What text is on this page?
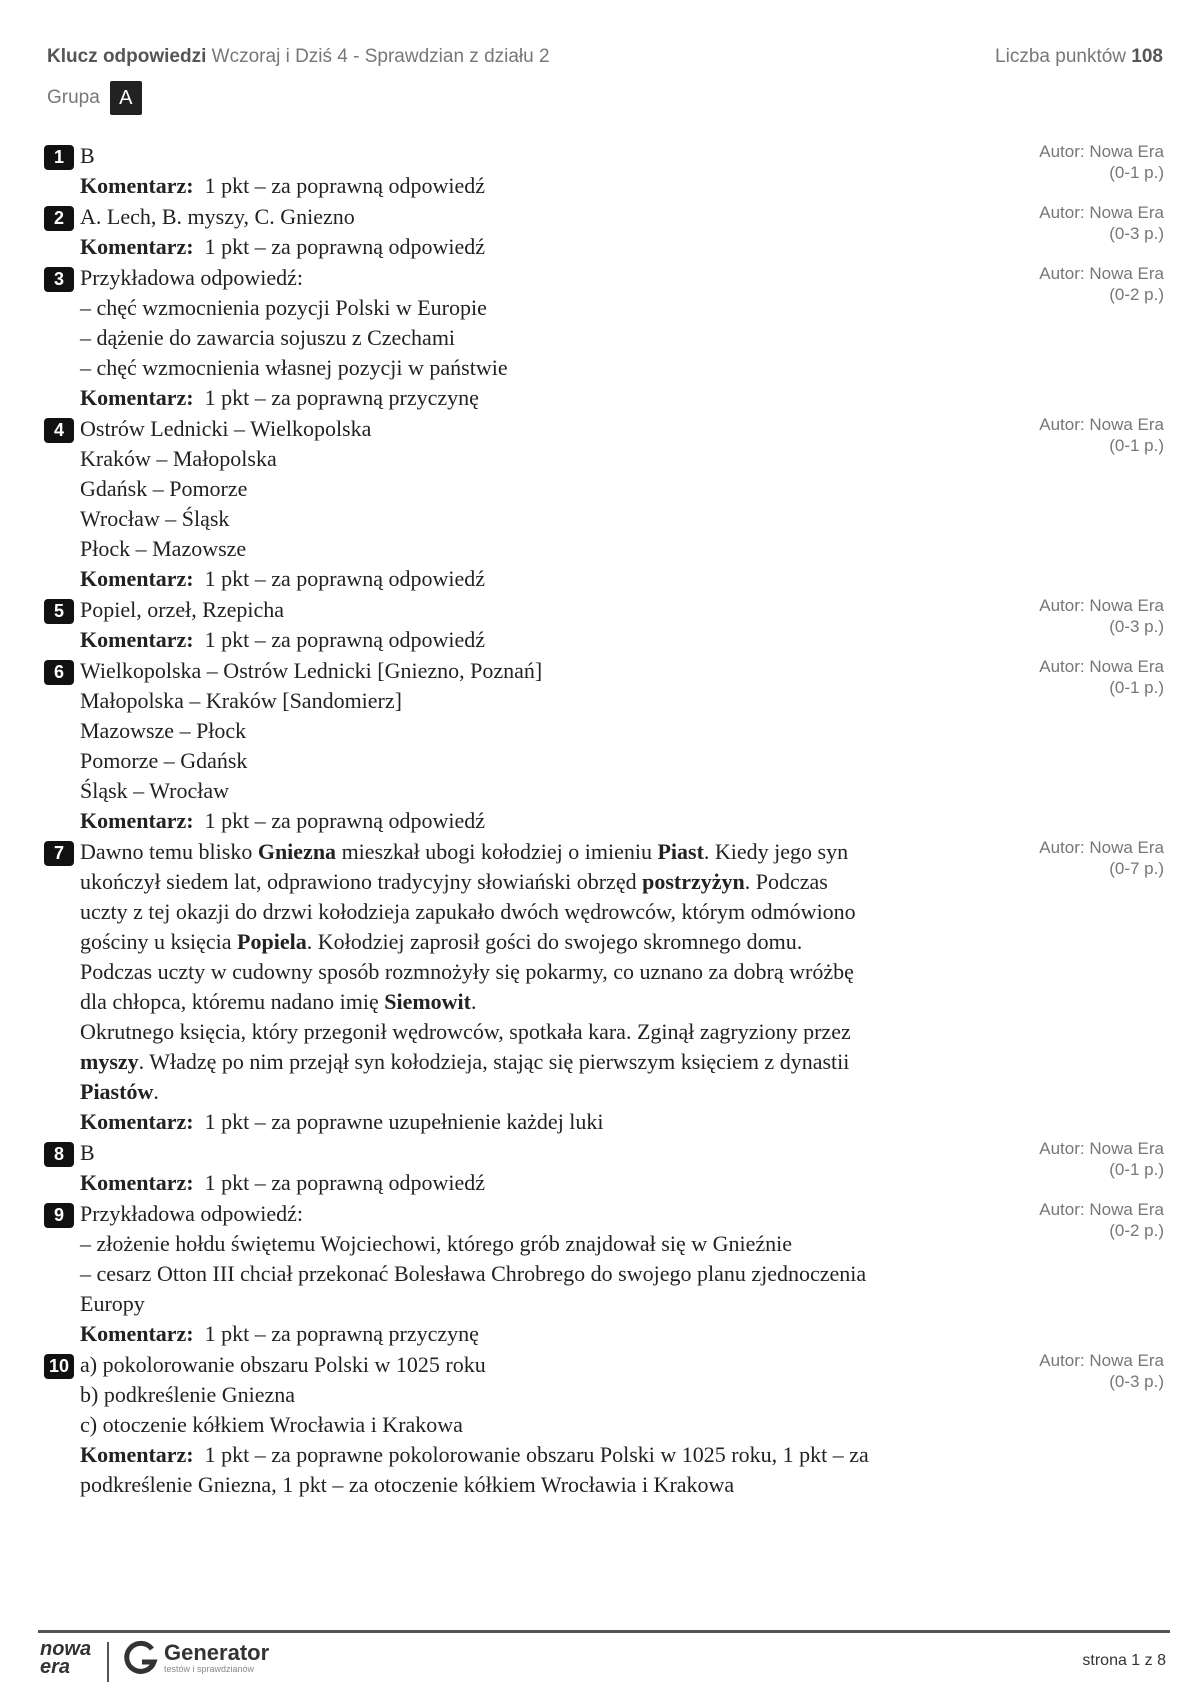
Klucz odpowiedzi Wczoraj i Dziś 4 - Sprawdzian z działu 2	Liczba punktów 108
Grupa A
1 B
Komentarz: 1 pkt – za poprawną odpowiedź
Autor: Nowa Era
(0-1 p.)
2 A. Lech, B. myszy, C. Gniezno
Komentarz: 1 pkt – za poprawną odpowiedź
Autor: Nowa Era
(0-3 p.)
3 Przykładowa odpowiedź:
– chęć wzmocnienia pozycji Polski w Europie
– dążenie do zawarcia sojuszu z Czechami
– chęć wzmocnienia własnej pozycji w państwie
Komentarz: 1 pkt – za poprawną przyczynę
Autor: Nowa Era
(0-2 p.)
4 Ostrów Lednicki – Wielkopolska
Kraków – Małopolska
Gdańsk – Pomorze
Wrocław – Śląsk
Płock – Mazowsze
Komentarz: 1 pkt – za poprawną odpowiedź
Autor: Nowa Era
(0-1 p.)
5 Popiel, orzeł, Rzepicha
Komentarz: 1 pkt – za poprawną odpowiedź
Autor: Nowa Era
(0-3 p.)
6 Wielkopolska – Ostrów Lednicki [Gniezno, Poznań]
Małopolska – Kraków [Sandomierz]
Mazowsze – Płock
Pomorze – Gdańsk
Śląsk – Wrocław
Komentarz: 1 pkt – za poprawną odpowiedź
Autor: Nowa Era
(0-1 p.)
7 Dawno temu blisko Gniezna mieszkał ubogi kołodziej o imieniu Piast. Kiedy jego syn
ukończył siedem lat, odprawiono tradycyjny słowiański obrzęd postrzyżyn. Podczas
uczty z tej okazji do drzwi kołodzieja zapukało dwóch wędrowców, którym odmówiono
gościny u księcia Popiela. Kołodziej zaprosił gości do swojego skromnego domu.
Podczas uczty w cudowny sposób rozmnożyły się pokarmy, co uznano za dobrą wróżbę
dla chłopca, któremu nadano imię Siemowit.
Okrutnego księcia, który przegonił wędrowców, spotkała kara. Zginął zagryziony przez
myszy. Władzę po nim przejął syn kołodzieja, stając się pierwszym księciem z dynastii
Piastów.
Komentarz: 1 pkt – za poprawne uzupełnienie każdej luki
Autor: Nowa Era
(0-7 p.)
8 B
Komentarz: 1 pkt – za poprawną odpowiedź
Autor: Nowa Era
(0-1 p.)
9 Przykładowa odpowiedź:
– złożenie hołdu świętemu Wojciechowi, którego grób znajdował się w Gnieźnie
– cesarz Otton III chciał przekonać Bolesława Chrobrego do swojego planu zjednoczenia
Europy
Komentarz: 1 pkt – za poprawną przyczynę
Autor: Nowa Era
(0-2 p.)
10 a) pokolorowanie obszaru Polski w 1025 roku
b) podkreślenie Gniezna
c) otoczenie kółkiem Wrocławia i Krakowa
Komentarz: 1 pkt – za poprawne pokolorowanie obszaru Polski w 1025 roku, 1 pkt – za
podkreślenie Gniezna, 1 pkt – za otoczenie kółkiem Wrocławia i Krakowa
Autor: Nowa Era
(0-3 p.)
nowa
era
Generator
testów i sprawdzianów	strona 1 z 8
